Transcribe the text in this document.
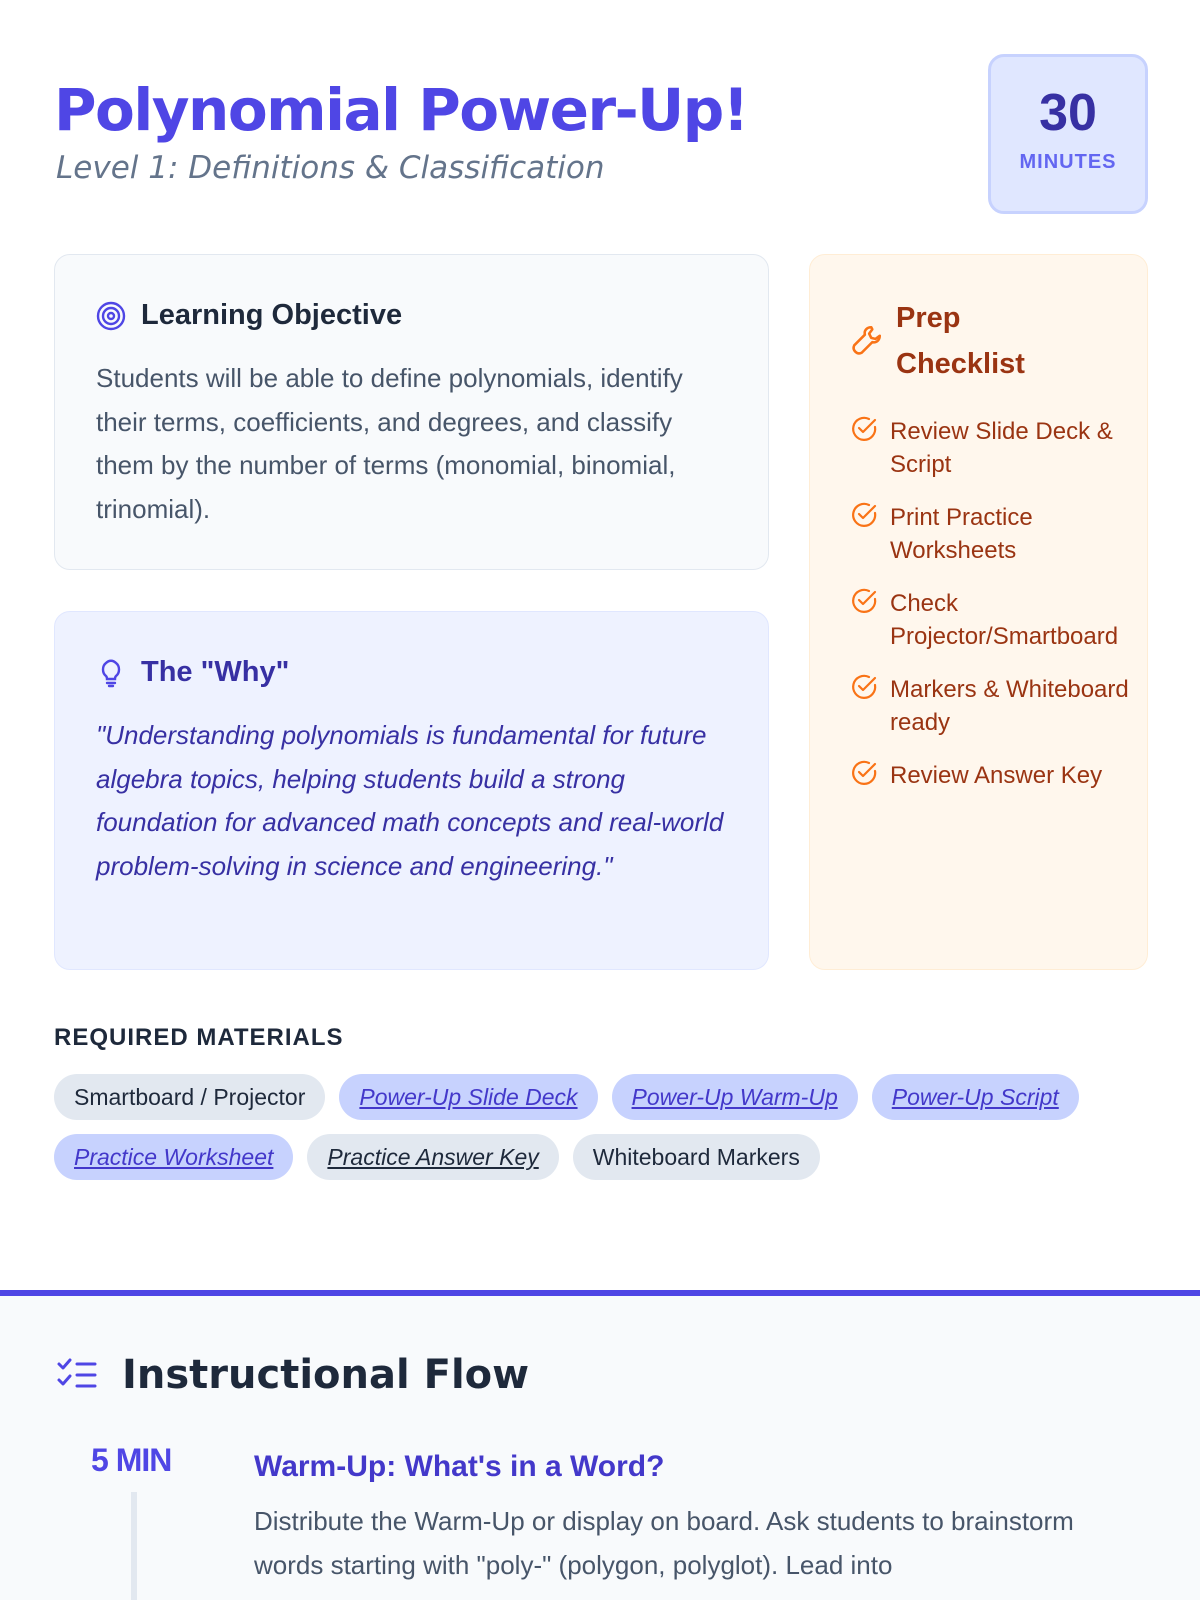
Polynomial Power-Up!
Level 1: Definitions & Classification
30
MINUTES
Learning Objective

Students will be able to define polynomials, identify their terms, coefficients, and degrees, and classify them by the number of terms (monomial, binomial, trinomial).

The "Why"

"Understanding polynomials is fundamental for future algebra topics, helping students build a strong foundation for advanced math concepts and real-world problem-solving in science and engineering."

Prep Checklist
Review Slide Deck & Script
Print Practice Worksheets
Check Projector/Smartboard
Markers & Whiteboard ready
Review Answer Key
REQUIRED MATERIALS
Smartboard / Projector	Power-Up Slide Deck	Power-Up Warm-Up	Power-Up Script
Practice Worksheet	Practice Answer Key	Whiteboard Markers
Instructional Flow
5 MIN	Warm-Up: What's in a Word?

Distribute the Warm-Up or display on board. Ask students to brainstorm words starting with "poly-" (polygon, polyglot). Lead into
